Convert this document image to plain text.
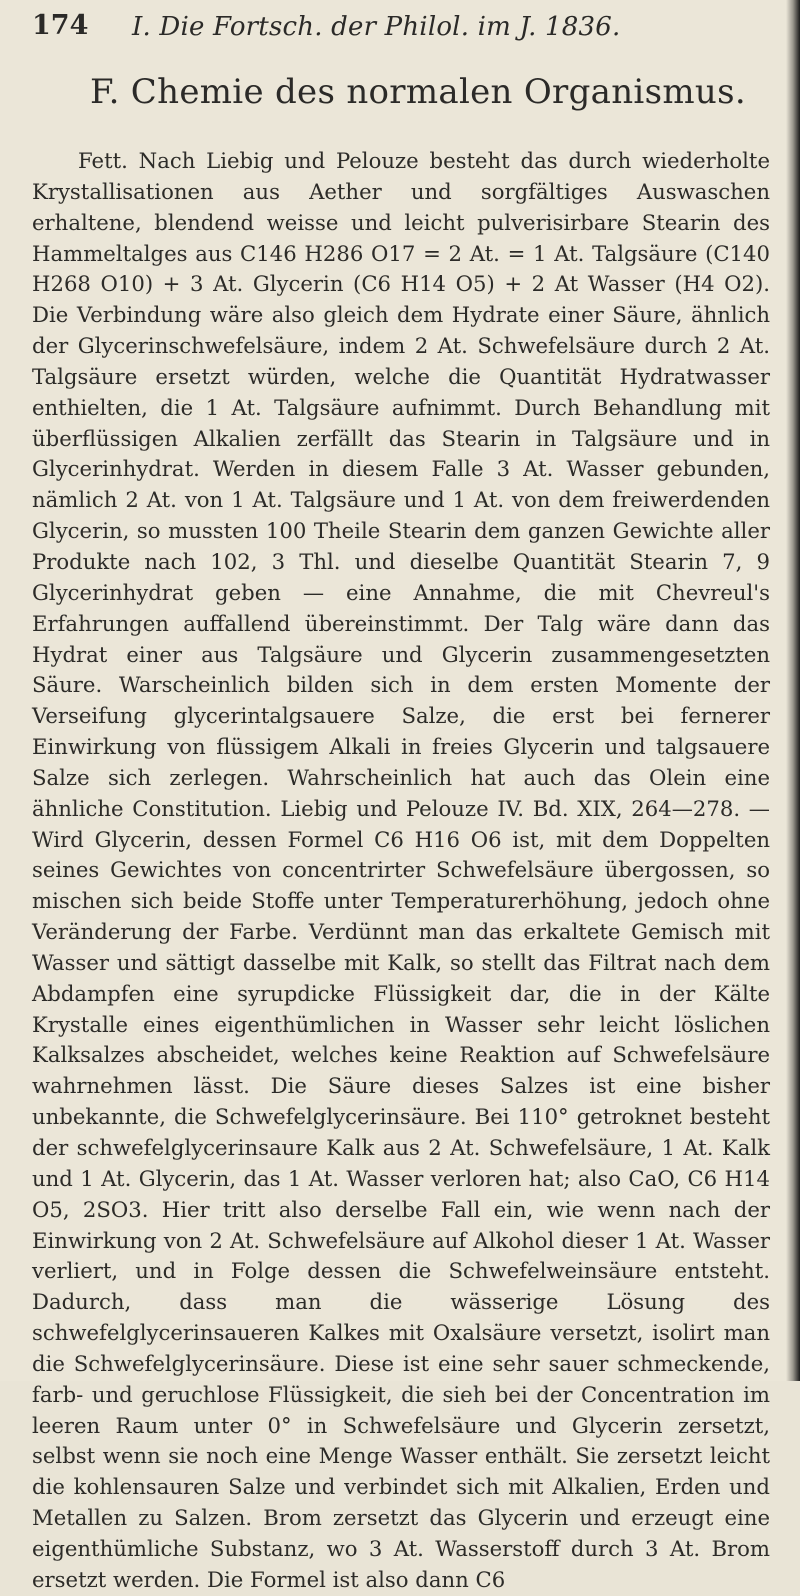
174 I. Die Fortsch. der Philol. im J. 1836.
F. Chemie des normalen Organismus.

Fett. Nach Liebig und Pelouze besteht das durch wiederholte Krystallisationen aus Aether und sorgfältiges Auswaschen erhaltene, blendend weisse und leicht pulverisirbare Stearin des Hammeltalges aus C146 H286 O17 = 2 At. = 1 At. Talgsäure (C140 H268 O10) + 3 At. Glycerin (C6 H14 O5) + 2 At Wasser (H4 O2). Die Verbindung wäre also gleich dem Hydrate einer Säure, ähnlich der Glycerinschwefelsäure, indem 2 At. Schwefelsäure durch 2 At. Talgsäure ersetzt würden, welche die Quantität Hydratwasser enthielten, die 1 At. Talgsäure aufnimmt. Durch Behandlung mit überflüssigen Alkalien zerfällt das Stearin in Talgsäure und in Glycerinhydrat. Werden in diesem Falle 3 At. Wasser gebunden, nämlich 2 At. von 1 At. Talgsäure und 1 At. von dem freiwerdenden Glycerin, so mussten 100 Theile Stearin dem ganzen Gewichte aller Produkte nach 102, 3 Thl. und dieselbe Quantität Stearin 7, 9 Glycerinhydrat geben — eine Annahme, die mit Chevreul's Erfahrungen auffallend übereinstimmt. Der Talg wäre dann das Hydrat einer aus Talgsäure und Glycerin zusammengesetzten Säure. Warscheinlich bilden sich in dem ersten Momente der Verseifung glycerintalgsauere Salze, die erst bei fernerer Einwirkung von flüssigem Alkali in freies Glycerin und talgsauere Salze sich zerlegen. Wahrscheinlich hat auch das Olein eine ähnliche Constitution. Liebig und Pelouze IV. Bd. XIX, 264—278. — Wird Glycerin, dessen Formel C6 H16 O6 ist, mit dem Doppelten seines Gewichtes von concentrirter Schwefelsäure übergossen, so mischen sich beide Stoffe unter Temperaturerhöhung, jedoch ohne Veränderung der Farbe. Verdünnt man das erkaltete Gemisch mit Wasser und sättigt dasselbe mit Kalk, so stellt das Filtrat nach dem Abdampfen eine syrupdicke Flüssigkeit dar, die in der Kälte Krystalle eines eigenthümlichen in Wasser sehr leicht löslichen Kalksalzes abscheidet, welches keine Reaktion auf Schwefelsäure wahrnehmen lässt. Die Säure dieses Salzes ist eine bisher unbekannte, die Schwefelglycerinsäure. Bei 110° getroknet besteht der schwefelglycerinsaure Kalk aus 2 At. Schwefelsäure, 1 At. Kalk und 1 At. Glycerin, das 1 At. Wasser verloren hat; also CaO, C6 H14 O5, 2SO3. Hier tritt also derselbe Fall ein, wie wenn nach der Einwirkung von 2 At. Schwefelsäure auf Alkohol dieser 1 At. Wasser verliert, und in Folge dessen die Schwefelweinsäure entsteht. Dadurch, dass man die wässerige Lösung des schwefelglycerinsaueren Kalkes mit Oxalsäure versetzt, isolirt man die Schwefelglycerinsäure. Diese ist eine sehr sauer schmeckende, farb- und geruchlose Flüssigkeit, die sieh bei der Concentration im leeren Raum unter 0° in Schwefelsäure und Glycerin zersetzt, selbst wenn sie noch eine Menge Wasser enthält. Sie zersetzt leicht die kohlensauren Salze und verbindet sich mit Alkalien, Erden und Metallen zu Salzen. Brom zersetzt das Glycerin und erzeugt eine eigenthümliche Substanz, wo 3 At. Wasserstoff durch 3 At. Brom ersetzt werden. Die Formel ist also dann C6
